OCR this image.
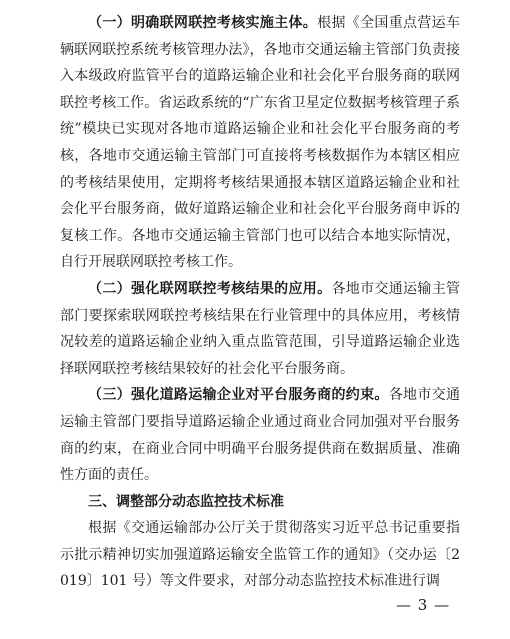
（一）明确联网联控考核实施主体。根据《全国重点营运车辆联网联控系统考核管理办法》，各地市交通运输主管部门负责接入本级政府监管平台的道路运输企业和社会化平台服务商的联网联控考核工作。省运政系统的“广东省卫星定位数据考核管理子系统”模块已实现对各地市道路运输企业和社会化平台服务商的考核，各地市交通运输主管部门可直接将考核数据作为本辖区相应的考核结果使用，定期将考核结果通报本辖区道路运输企业和社会化平台服务商，做好道路运输企业和社会化平台服务商申诉的复核工作。各地市交通运输主管部门也可以结合本地实际情况，自行开展联网联控考核工作。

（二）强化联网联控考核结果的应用。各地市交通运输主管部门要探索联网联控考核结果在行业管理中的具体应用，考核情况较差的道路运输企业纳入重点监管范围，引导道路运输企业选择联网联控考核结果较好的社会化平台服务商。

（三）强化道路运输企业对平台服务商的约束。各地市交通运输主管部门要指导道路运输企业通过商业合同加强对平台服务商的约束，在商业合同中明确平台服务提供商在数据质量、准确性方面的责任。

三、调整部分动态监控技术标准

根据《交通运输部办公厅关于贯彻落实习近平总书记重要指示批示精神切实加强道路运输安全监管工作的通知》（交办运〔2019〕101 号）等文件要求，对部分动态监控技术标准进行调

— 3 —
